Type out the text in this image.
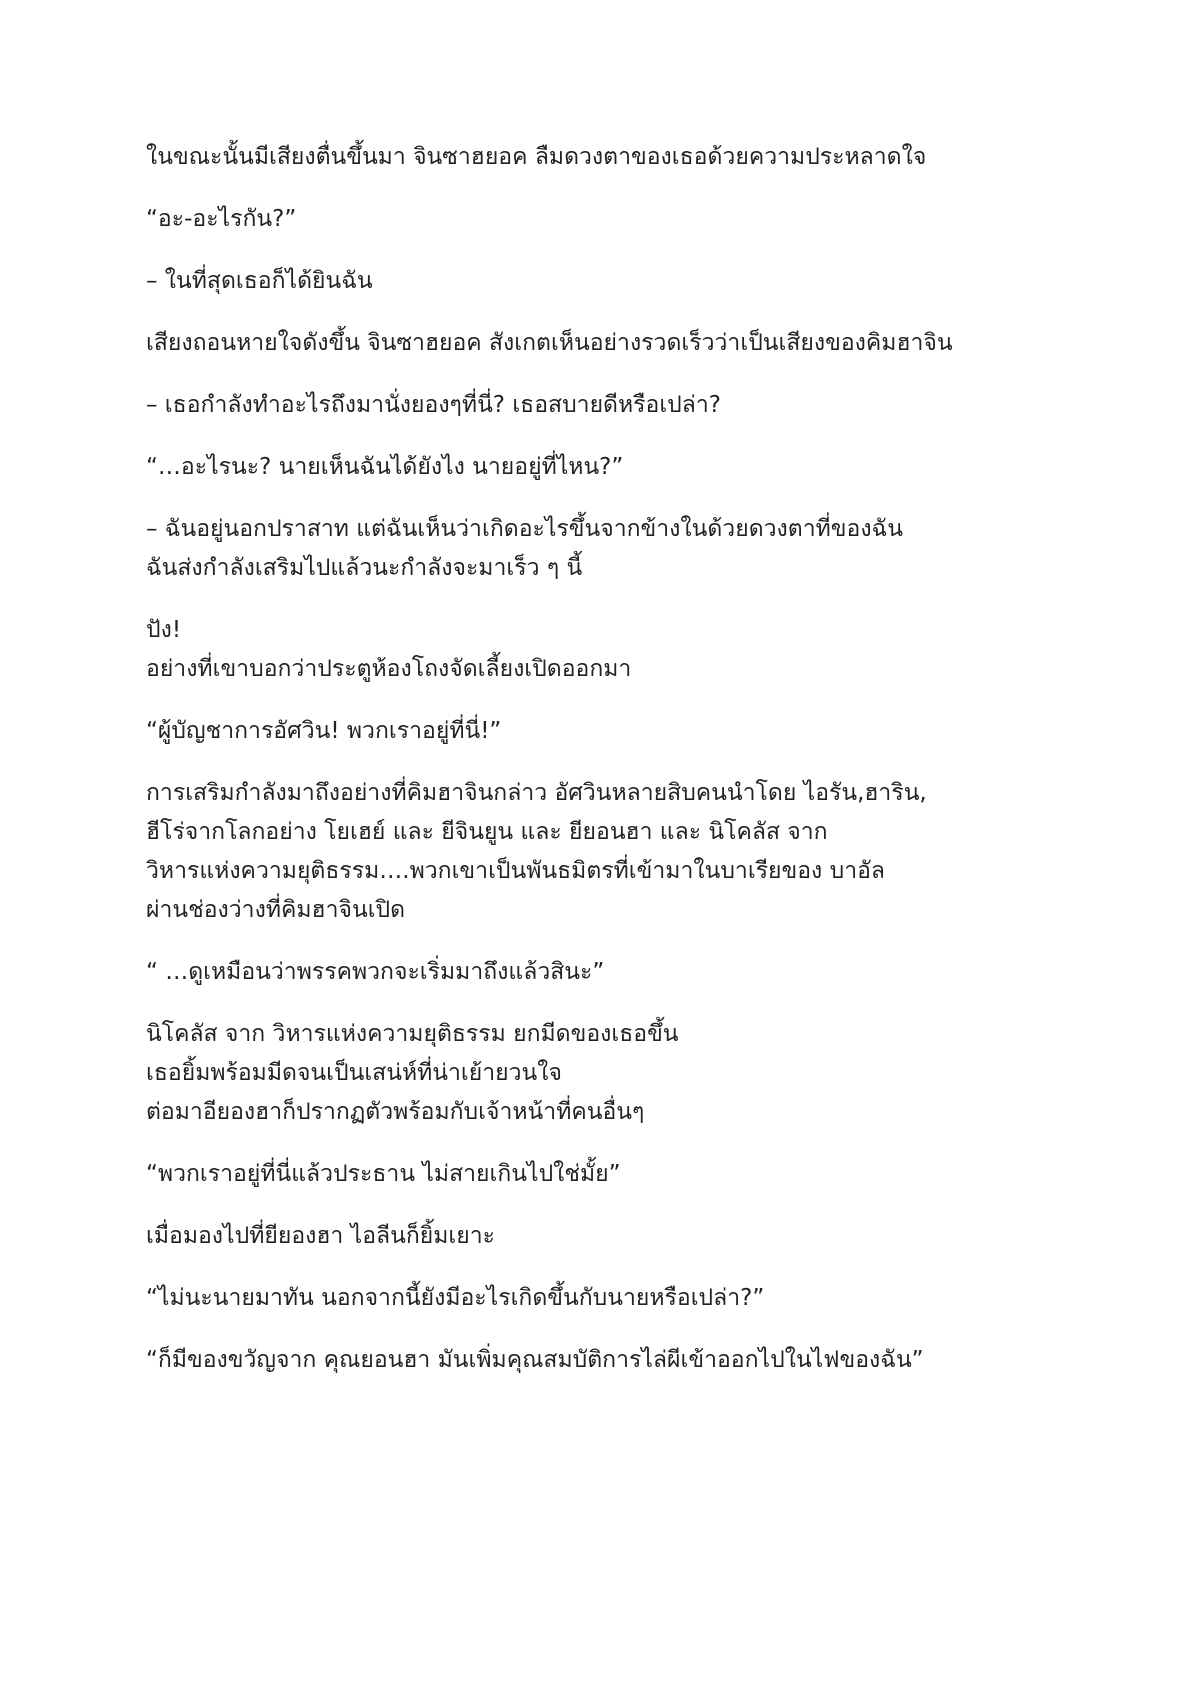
ในขณะนั้นมีเสียงตื่นขึ้นมา จินซาฮยอค ลืมดวงตาของเธอด้วยความประหลาดใจ

“อะ-อะไรกัน?”

– ในที่สุดเธอก็ได้ยินฉัน

เสียงถอนหายใจดังขึ้น จินซาฮยอค สังเกตเห็นอย่างรวดเร็วว่าเป็นเสียงของคิมฮาจิน

– เธอกำลังทำอะไรถึงมานั่งยองๆที่นี่? เธอสบายดีหรือเปล่า?

“…อะไรนะ? นายเห็นฉันได้ยังไง นายอยู่ที่ไหน?”

– ฉันอยู่นอกปราสาท แต่ฉันเห็นว่าเกิดอะไรขึ้นจากข้างในด้วยดวงตาที่ของฉัน
ฉันส่งกำลังเสริมไปแล้วนะกำลังจะมาเร็ว ๆ นี้

ปัง!
อย่างที่เขาบอกว่าประตูห้องโถงจัดเลี้ยงเปิดออกมา

“ผู้บัญชาการอัศวิน! พวกเราอยู่ที่นี่!”

การเสริมกำลังมาถึงอย่างที่คิมฮาจินกล่าว อัศวินหลายสิบคนนำโดย ไอรัน,ฮาริน,
ฮีโร่จากโลกอย่าง โยเฮย์ และ ยีจินยูน และ ยียอนฮา และ นิโคลัส จาก
วิหารแห่งความยุติธรรม….พวกเขาเป็นพันธมิตรที่เข้ามาในบาเรียของ บาอัล
ผ่านช่องว่างที่คิมฮาจินเปิด

“ …ดูเหมือนว่าพรรคพวกจะเริ่มมาถึงแล้วสินะ”

นิโคลัส จาก วิหารแห่งความยุติธรรม ยกมีดของเธอขึ้น
เธอยิ้มพร้อมมีดจนเป็นเสน่ห์ที่น่าเย้ายวนใจ
ต่อมาอียองฮาก็ปรากฏตัวพร้อมกับเจ้าหน้าที่คนอื่นๆ

“พวกเราอยู่ที่นี่แล้วประธาน ไม่สายเกินไปใช่มั้ย”

เมื่อมองไปที่ยียองฮา ไอลีนก็ยิ้มเยาะ

“ไม่นะนายมาทัน นอกจากนี้ยังมีอะไรเกิดขึ้นกับนายหรือเปล่า?”

“ก็มีของขวัญจาก คุณยอนฮา มันเพิ่มคุณสมบัติการไล่ผีเข้าออกไปในไฟของฉัน”
